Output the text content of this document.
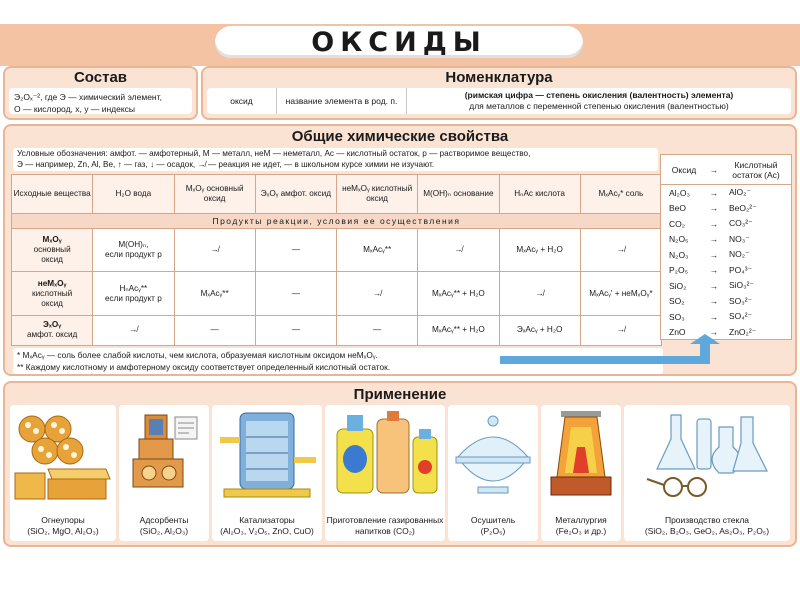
ОКСИДЫ
Состав
Э₂Oₓ⁻², где Э — химический элемент,
О — кислород, x, y — индексы
Номенклатура
оксид	название элемента в род. п.
(римская цифра — степень окисления (валентность) элемента)
для металлов с переменной степенью окисления (валентностью)
Общие химические свойства
Условные обозначения: амфот. — амфотерный, М — металл, неМ — неметалл, Ac — кислотный остаток, р — растворимое вещество,
Э — например, Zn, Al, Be, ↑ — газ, ↓ — осадок, ↛ — реакция не идет, — в школьном курсе химии не изучают.
Исходные вещества	H₂O вода	MₓOᵧ основный оксид	ЭₓOᵧ амфот. оксид	неMₓOᵧ кислотный оксид	M(OH)ₙ основание	HₙAc кислота	MₓAcᵧ* соль
Продукты реакции, условия ее осуществления							
MₓOᵧ
основный
оксид	M(OH)ₙ,
если продукт р	↛	—	MₓAcᵧ**	↛	MₓAcᵧ + H₂O	↛
неMₓOᵧ
кислотный
оксид	HₙAcᵧ**
если продукт р	MₓAcᵧ**	—	↛	MₓAcᵧ** + H₂O	↛	MₓAcᵧ' + неMₓOᵧ*
ЭₓOᵧ
амфот. оксид	↛	—	—	—	MₓAcᵧ** + H₂O	ЭₓAcᵧ + H₂O	↛
* MₓAcᵧ — соль более слабой кислоты, чем кислота, образуемая кислотным оксидом неMₓOᵧ.
** Каждому кислотному и амфотерному оксиду соответствует определенный кислотный остаток.
Оксид	→	Кислотный остаток (Ac)
Al₂O₃	→	AlO₂⁻
BeO	→	BeO₂²⁻
CO₂	→	CO₃²⁻
N₂O₅	→	NO₃⁻
N₂O₃	→	NO₂⁻
P₂O₅	→	PO₄³⁻
SiO₂	→	SiO₃²⁻
SO₂	→	SO₃²⁻
SO₃	→	SO₄²⁻
ZnO	→	ZnO₂²⁻
Применение
Огнеупоры
(SiO₂, MgO, Al₂O₃)
Адсорбенты
(SiO₂, Al₂O₃)
Катализаторы
(Al₂O₃, V₂O₅, ZnO, CuO)
Приготовление газированных
напитков (CO₂)
Осушитель
(P₂O₅)
Металлургия
(Fe₂O₃ и др.)
Производство стекла
(SiO₂, B₂O₃, GeO₂, As₂O₃, P₂O₅)
